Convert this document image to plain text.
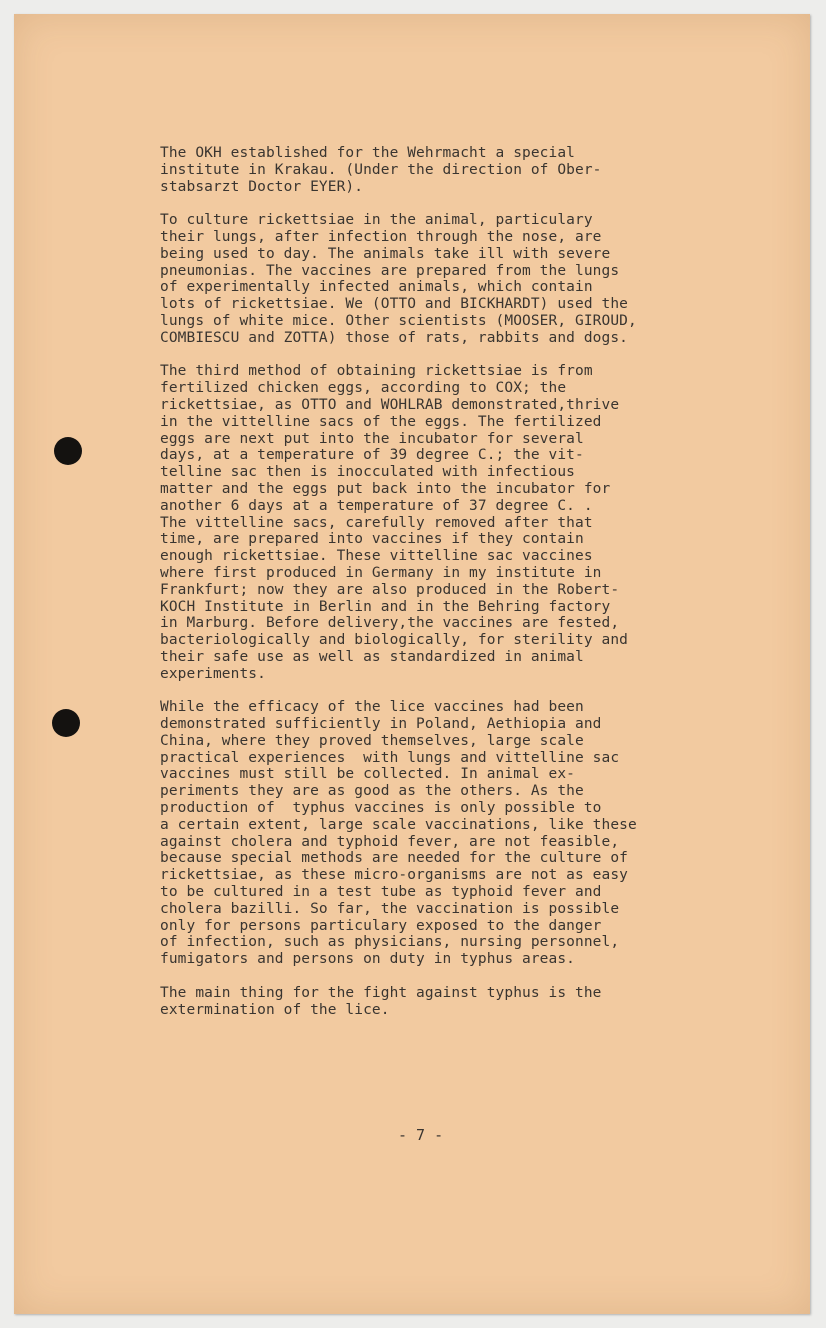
The OKH established for the Wehrmacht a special
institute in Krakau. (Under the direction of Ober-
stabsarzt Doctor EYER).
To culture rickettsiae in the animal, particulary
their lungs, after infection through the nose, are
being used to day. The animals take ill with severe
pneumonias. The vaccines are prepared from the lungs
of experimentally infected animals, which contain
lots of rickettsiae. We (OTTO and BICKHARDT) used the
lungs of white mice. Other scientists (MOOSER, GIROUD,
COMBIESCU and ZOTTA) those of rats, rabbits and dogs.
The third method of obtaining rickettsiae is from
fertilized chicken eggs, according to COX; the
rickettsiae, as OTTO and WOHLRAB demonstrated,thrive
in the vittelline sacs of the eggs. The fertilized
eggs are next put into the incubator for several
days, at a temperature of 39 degree C.; the vit-
telline sac then is inocculated with infectious
matter and the eggs put back into the incubator for
another 6 days at a temperature of 37 degree C. .
The vittelline sacs, carefully removed after that
time, are prepared into vaccines if they contain
enough rickettsiae. These vittelline sac vaccines
where first produced in Germany in my institute in
Frankfurt; now they are also produced in the Robert-
KOCH Institute in Berlin and in the Behring factory
in Marburg. Before delivery,the vaccines are fested,
bacteriologically and biologically, for sterility and
their safe use as well as standardized in animal
experiments.
While the efficacy of the lice vaccines had been
demonstrated sufficiently in Poland, Aethiopia and
China, where they proved themselves, large scale
practical experiences  with lungs and vittelline sac
vaccines must still be collected. In animal ex-
periments they are as good as the others. As the
production of  typhus vaccines is only possible to
a certain extent, large scale vaccinations, like these
against cholera and typhoid fever, are not feasible,
because special methods are needed for the culture of
rickettsiae, as these micro-organisms are not as easy
to be cultured in a test tube as typhoid fever and
cholera bazilli. So far, the vaccination is possible
only for persons particulary exposed to the danger
of infection, such as physicians, nursing personnel,
fumigators and persons on duty in typhus areas.
The main thing for the fight against typhus is the
extermination of the lice.
- 7 -
